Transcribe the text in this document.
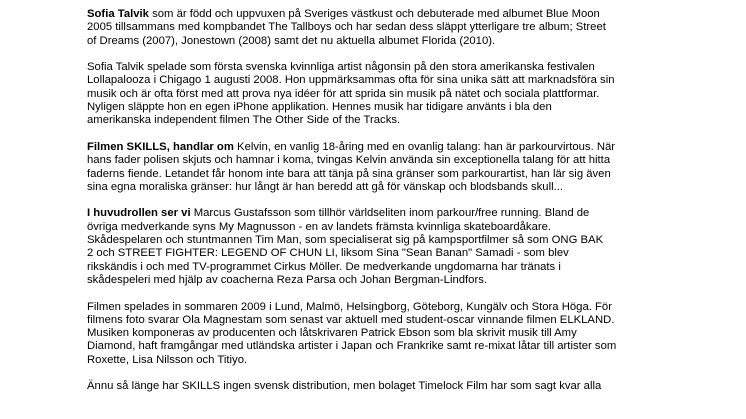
Sofia Talvik som är född och uppvuxen på Sveriges västkust och debuterade med albumet Blue Moon
2005 tillsammans med kompbandet The Tallboys och har sedan dess släppt ytterligare tre album; Street
of Dreams (2007), Jonestown (2008) samt det nu aktuella albumet Florida (2010).

Sofia Talvik spelade som första svenska kvinnliga artist någonsin på den stora amerikanska festivalen
Lollapalooza i Chigago 1 augusti 2008. Hon uppmärksammas ofta för sina unika sätt att marknadsföra sin
musik och är ofta först med att prova nya idéer för att sprida sin musik på nätet och sociala plattformar.
Nyligen släppte hon en egen iPhone applikation. Hennes musik har tidigare använts i bla den
amerikanska independent filmen The Other Side of the Tracks.

Filmen SKILLS, handlar om Kelvin, en vanlig 18-åring med en ovanlig talang: han är parkourvirtous. När
hans fader polisen skjuts och hamnar i koma, tvingas Kelvin använda sin exceptionella talang för att hitta
faderns fiende. Letandet får honom inte bara att tänja på sina gränser som parkourartist, han lär sig även
sina egna moraliska gränser: hur långt är han beredd att gå för vänskap och blodsbands skull...

I huvudrollen ser vi Marcus Gustafsson som tillhör världseliten inom parkour/free running. Bland de
övriga medverkande syns My Magnusson - en av landets främsta kvinnliga skateboardåkare.
Skådespelaren och stuntmannen Tim Man, som specialiserat sig på kampsportfilmer så som ONG BAK
2 och STREET FIGHTER: LEGEND OF CHUN LI, liksom Sina "Sean Banan" Samadi - som blev
rikskändis i och med TV-programmet Cirkus Möller. De medverkande ungdomarna har tränats i
skådespeleri med hjälp av coacherna Reza Parsa och Johan Bergman-Lindfors.

Filmen spelades in sommaren 2009 i Lund, Malmö, Helsingborg, Göteborg, Kungälv och Stora Höga. För
filmens foto svarar Ola Magnestam som senast var aktuell med student-oscar vinnande filmen ELKLAND.
Musiken komponeras av producenten och låtskrivaren Patrick Ebson som bla skrivit musik till Amy
Diamond, haft framgångar med utländska artister i Japan och Frankrike samt re-mixat låtar till artister som
Roxette, Lisa Nilsson och Titiyo.

Ännu så länge har SKILLS ingen svensk distribution, men bolaget Timelock Film har som sagt kvar alla
